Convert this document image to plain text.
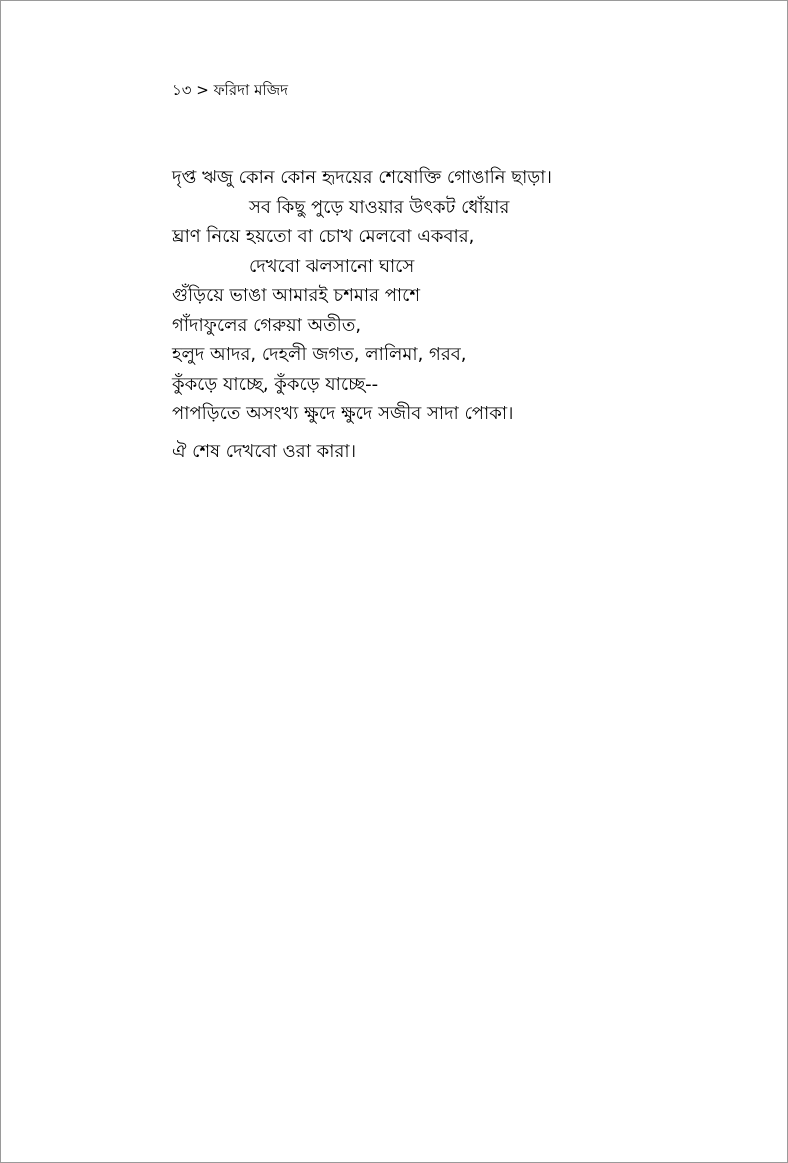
১৩ > ফরিদা মজিদ
দৃপ্ত ঋজু কোন কোন হৃদয়ের শেষোক্তি গোঙানি ছাড়া।
সব কিছু পুড়ে যাওয়ার উৎকট ধোঁয়ার
ঘ্রাণ নিয়ে হয়তো বা চোখ মেলবো একবার,
দেখবো ঝলসানো ঘাসে
গুঁড়িয়ে ভাঙা আমারই চশমার পাশে
গাঁদাফুলের গেরুয়া অতীত,
হলুদ আদর, দেহলী জগত, লালিমা, গরব,
কুঁকড়ে যাচ্ছে, কুঁকড়ে যাচ্ছে--
পাপড়িতে অসংখ্য ক্ষুদে ক্ষুদে সজীব সাদা পোকা।
ঐ শেষ দেখবো ওরা কারা।
